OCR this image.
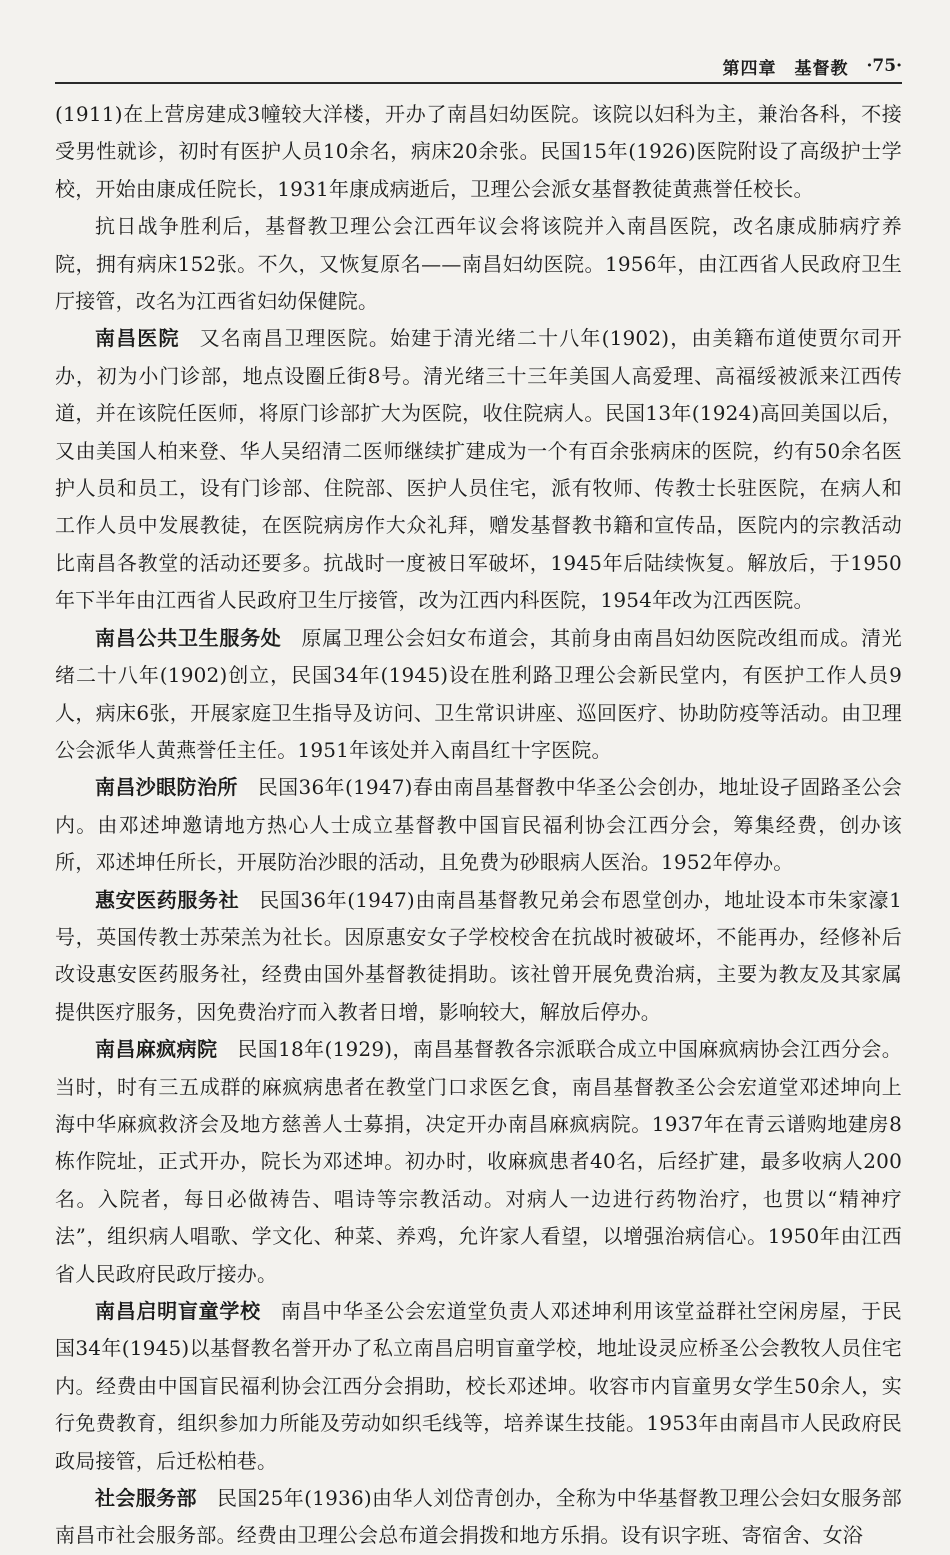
第四章 基督教 ·75·

(1911)在上营房建成3幢较大洋楼，开办了南昌妇幼医院。该院以妇科为主，兼治各科，不接受男性就诊，初时有医护人员10余名，病床20余张。民国15年(1926)医院附设了高级护士学校，开始由康成任院长，1931年康成病逝后，卫理公会派女基督教徒黄燕誉任校长。

抗日战争胜利后，基督教卫理公会江西年议会将该院并入南昌医院，改名康成肺病疗养院，拥有病床152张。不久，又恢复原名——南昌妇幼医院。1956年，由江西省人民政府卫生厅接管，改名为江西省妇幼保健院。

南昌医院 又名南昌卫理医院。始建于清光绪二十八年(1902)，由美籍布道使贾尔司开办，初为小门诊部，地点设圈丘街8号。清光绪三十三年美国人高爱理、高福绥被派来江西传道，并在该院任医师，将原门诊部扩大为医院，收住院病人。民国13年(1924)高回美国以后，又由美国人柏来登、华人吴绍清二医师继续扩建成为一个有百余张病床的医院，约有50余名医护人员和员工，设有门诊部、住院部、医护人员住宅，派有牧师、传教士长驻医院，在病人和工作人员中发展教徒，在医院病房作大众礼拜，赠发基督教书籍和宣传品，医院内的宗教活动比南昌各教堂的活动还要多。抗战时一度被日军破坏，1945年后陆续恢复。解放后，于1950年下半年由江西省人民政府卫生厅接管，改为江西内科医院，1954年改为江西医院。

南昌公共卫生服务处 原属卫理公会妇女布道会，其前身由南昌妇幼医院改组而成。清光绪二十八年(1902)创立，民国34年(1945)设在胜利路卫理公会新民堂内，有医护工作人员9人，病床6张，开展家庭卫生指导及访问、卫生常识讲座、巡回医疗、协助防疫等活动。由卫理公会派华人黄燕誉任主任。1951年该处并入南昌红十字医院。

南昌沙眼防治所 民国36年(1947)春由南昌基督教中华圣公会创办，地址设孑固路圣公会内。由邓述坤邀请地方热心人士成立基督教中国盲民福利协会江西分会，筹集经费，创办该所，邓述坤任所长，开展防治沙眼的活动，且免费为砂眼病人医治。1952年停办。

惠安医药服务社 民国36年(1947)由南昌基督教兄弟会布恩堂创办，地址设本市朱家濠1号，英国传教士苏荣羔为社长。因原惠安女子学校校舍在抗战时被破坏，不能再办，经修补后改设惠安医药服务社，经费由国外基督教徒捐助。该社曾开展免费治病，主要为教友及其家属提供医疗服务，因免费治疗而入教者日增，影响较大，解放后停办。

南昌麻疯病院 民国18年(1929)，南昌基督教各宗派联合成立中国麻疯病协会江西分会。当时，时有三五成群的麻疯病患者在教堂门口求医乞食，南昌基督教圣公会宏道堂邓述坤向上海中华麻疯救济会及地方慈善人士募捐，决定开办南昌麻疯病院。1937年在青云谱购地建房8栋作院址，正式开办，院长为邓述坤。初办时，收麻疯患者40名，后经扩建，最多收病人200名。入院者，每日必做祷告、唱诗等宗教活动。对病人一边进行药物治疗，也贯以“精神疗法”，组织病人唱歌、学文化、种菜、养鸡，允许家人看望，以增强治病信心。1950年由江西省人民政府民政厅接办。

南昌启明盲童学校 南昌中华圣公会宏道堂负责人邓述坤利用该堂益群社空闲房屋，于民国34年(1945)以基督教名誉开办了私立南昌启明盲童学校，地址设灵应桥圣公会教牧人员住宅内。经费由中国盲民福利协会江西分会捐助，校长邓述坤。收容市内盲童男女学生50余人，实行免费教育，组织参加力所能及劳动如织毛线等，培养谋生技能。1953年由南昌市人民政府民政局接管，后迁松柏巷。

社会服务部 民国25年(1936)由华人刘岱青创办，全称为中华基督教卫理公会妇女服务部南昌市社会服务部。经费由卫理公会总布道会捐拨和地方乐捐。设有识字班、寄宿舍、女浴
